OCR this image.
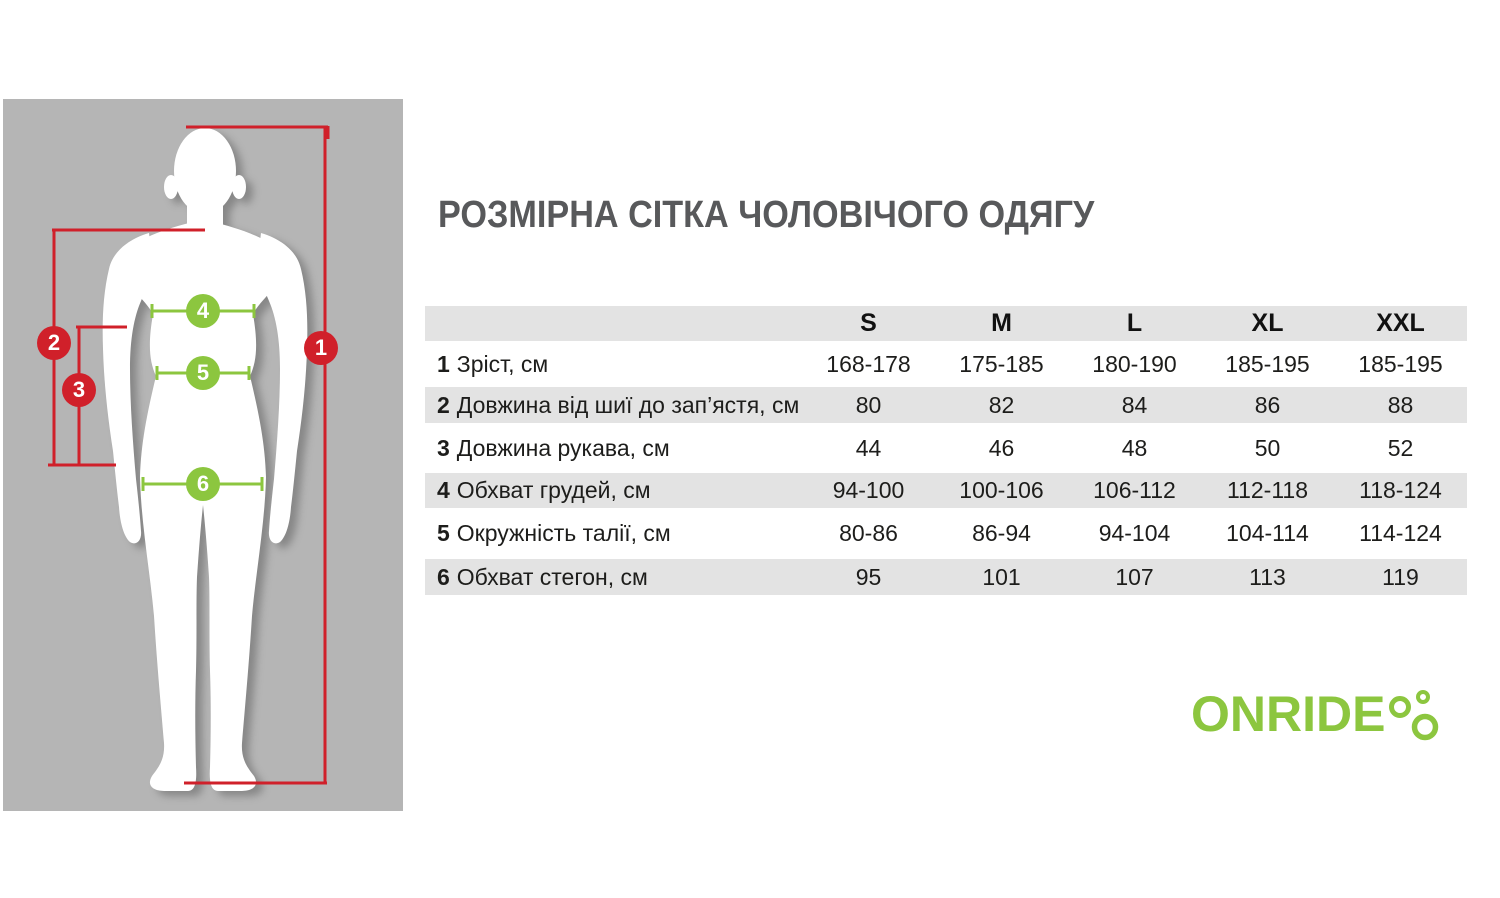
1
2
3
4
5
6
РОЗМІРНА СІТКА ЧОЛОВІЧОГО ОДЯГУ
S	M	L	XL	XXL
1 Зріст, см	168-178	175-185	180-190	185-195	185-195
2 Довжина від шиї до зап’ястя, см	80	82	84	86	88
3 Довжина рукава, см	44	46	48	50	52
4 Обхват грудей, см	94-100	100-106	106-112	112-118	118-124
5 Окружність талії, см	80-86	86-94	94-104	104-114	114-124
6 Обхват стегон, см	95	101	107	113	119
ONRIDE
